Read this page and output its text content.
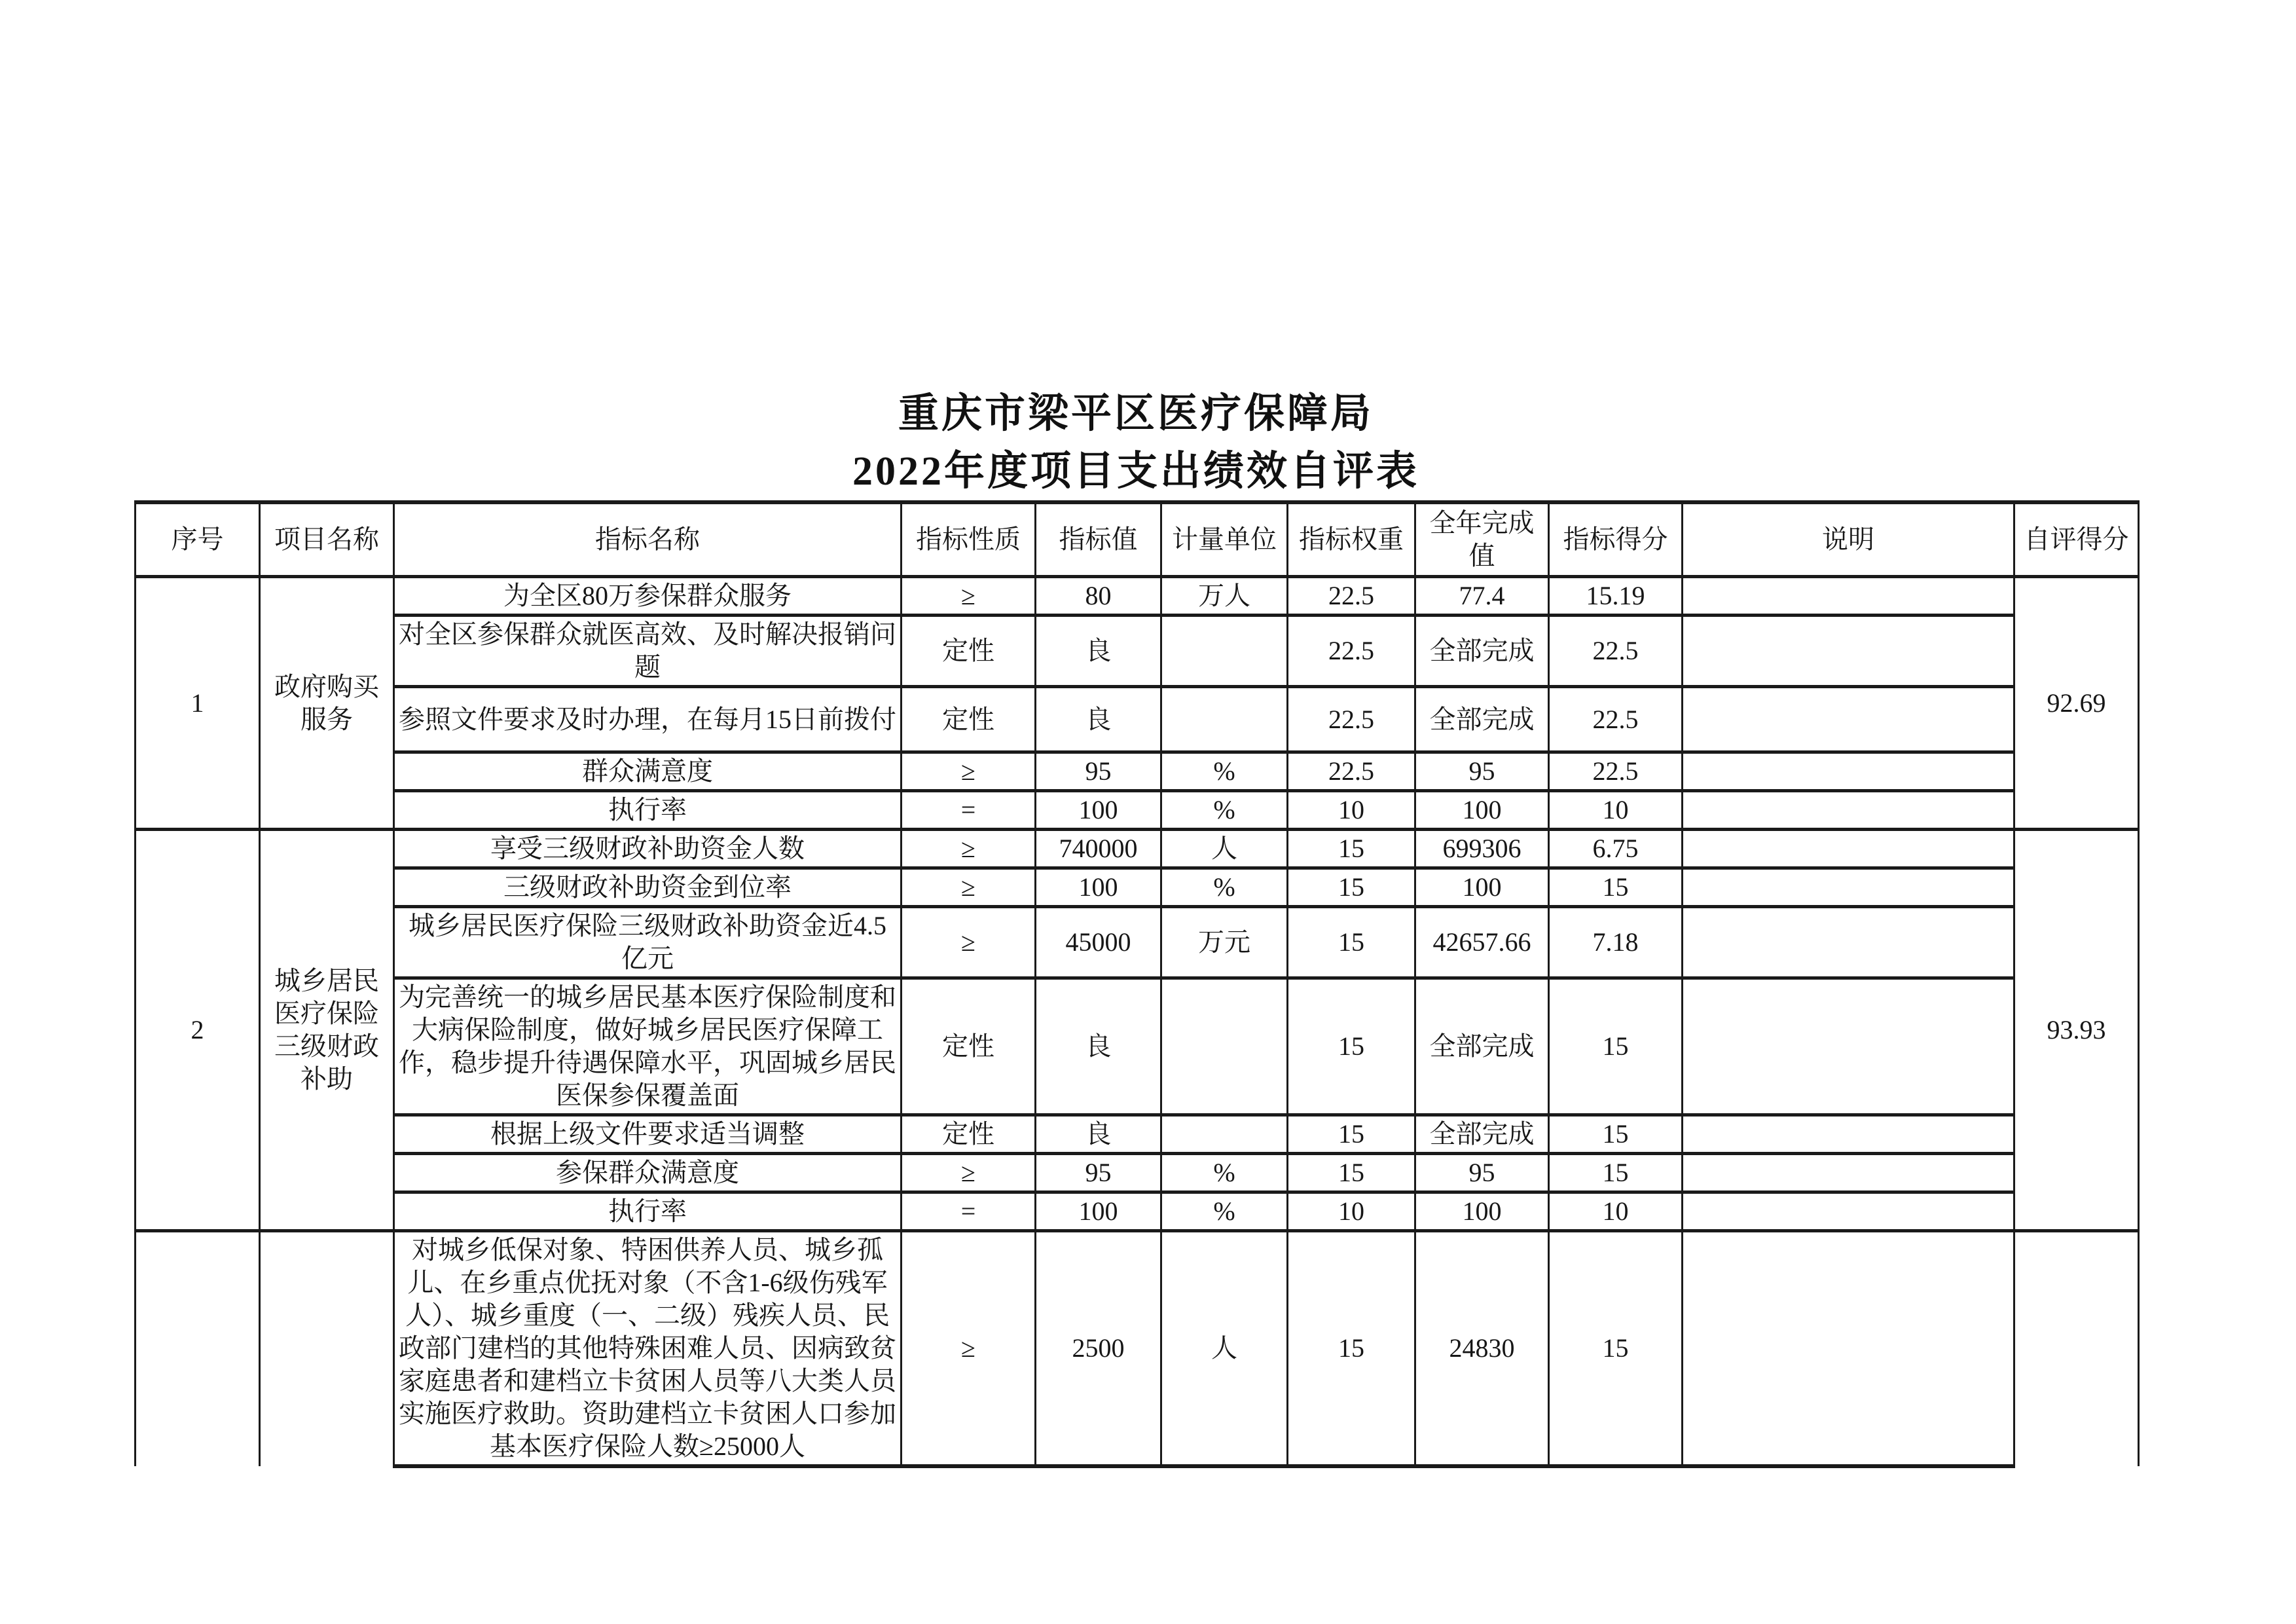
重庆市梁平区医疗保障局
2022年度项目支出绩效自评表
序号	项目名称	指标名称	指标性质	指标值	计量单位	指标权重	全年完成值	指标得分	说明	自评得分
1	政府购买服务	为全区80万参保群众服务	≥	80	万人	22.5	77.4	15.19		92.69
		对全区参保群众就医高效、及时解决报销问题	定性	良		22.5	全部完成	22.5		
		参照文件要求及时办理，在每月15日前拨付	定性	良		22.5	全部完成	22.5		
		群众满意度	≥	95	%	22.5	95	22.5		
		执行率	=	100	%	10	100	10		
2	城乡居民医疗保险三级财政补助	享受三级财政补助资金人数	≥	740000	人	15	699306	6.75		93.93
		三级财政补助资金到位率	≥	100	%	15	100	15		
		城乡居民医疗保险三级财政补助资金近4.5亿元	≥	45000	万元	15	42657.66	7.18		
		为完善统一的城乡居民基本医疗保险制度和大病保险制度，做好城乡居民医疗保障工作，稳步提升待遇保障水平，巩固城乡居民医保参保覆盖面	定性	良		15	全部完成	15		
		根据上级文件要求适当调整	定性	良		15	全部完成	15		
		参保群众满意度	≥	95	%	15	95	15		
		执行率	=	100	%	10	100	10		
		对城乡低保对象、特困供养人员、城乡孤儿、在乡重点优抚对象（不含1-6级伤残军人）、城乡重度（一、二级）残疾人员、民政部门建档的其他特殊困难人员、因病致贫家庭患者和建档立卡贫困人员等八大类人员实施医疗救助。资助建档立卡贫困人口参加基本医疗保险人数≥25000人	≥	2500	人	15	24830	15		
